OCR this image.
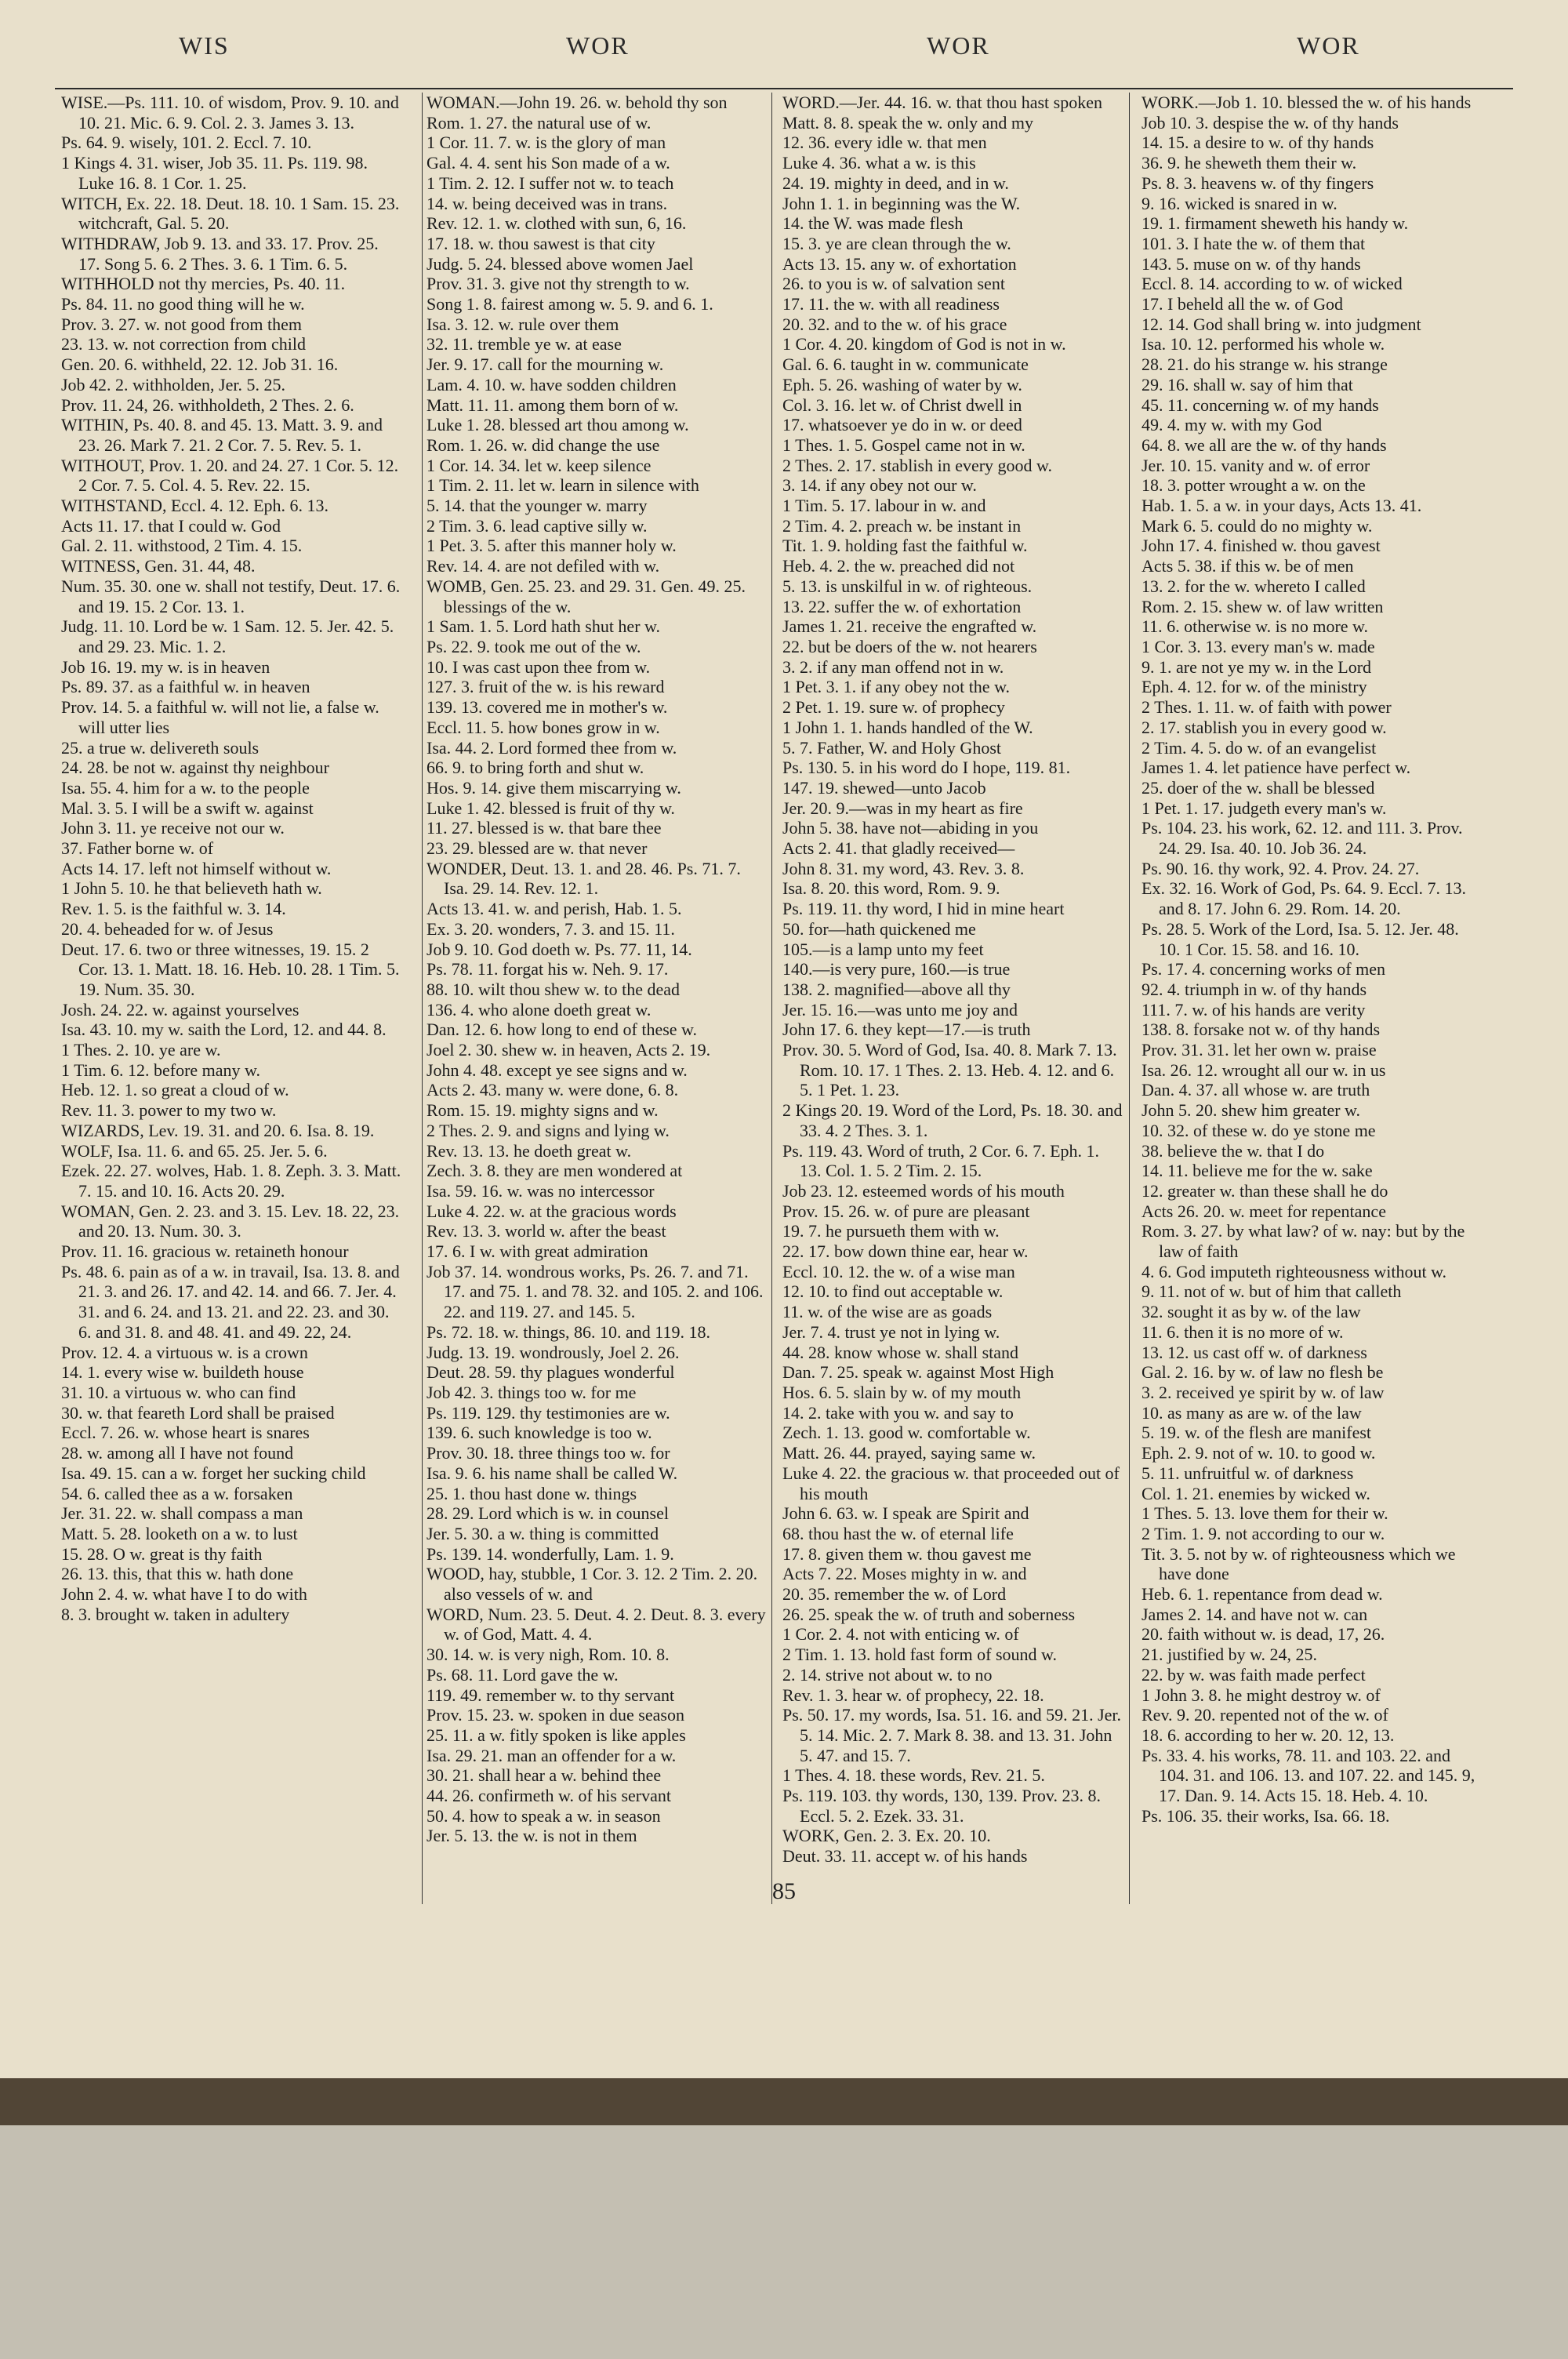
WIS	WOR	WOR	WOR

WISE.—Ps. 111. 10. of wisdom, Prov. 9. 10. and 10. 21. Mic. 6. 9. Col. 2. 3. James 3. 13.

Ps. 64. 9. wisely, 101. 2. Eccl. 7. 10.

1 Kings 4. 31. wiser, Job 35. 11. Ps. 119. 98. Luke 16. 8. 1 Cor. 1. 25.

WITCH, Ex. 22. 18. Deut. 18. 10. 1 Sam. 15. 23. witchcraft, Gal. 5. 20.

WITHDRAW, Job 9. 13. and 33. 17. Prov. 25. 17. Song 5. 6. 2 Thes. 3. 6. 1 Tim. 6. 5.

WITHHOLD not thy mercies, Ps. 40. 11.

Ps. 84. 11. no good thing will he w.

Prov. 3. 27. w. not good from them

23. 13. w. not correction from child

Gen. 20. 6. withheld, 22. 12. Job 31. 16.

Job 42. 2. withholden, Jer. 5. 25.

Prov. 11. 24, 26. withholdeth, 2 Thes. 2. 6.

WITHIN, Ps. 40. 8. and 45. 13. Matt. 3. 9. and 23. 26. Mark 7. 21. 2 Cor. 7. 5. Rev. 5. 1.

WITHOUT, Prov. 1. 20. and 24. 27. 1 Cor. 5. 12. 2 Cor. 7. 5. Col. 4. 5. Rev. 22. 15.

WITHSTAND, Eccl. 4. 12. Eph. 6. 13.

Acts 11. 17. that I could w. God

Gal. 2. 11. withstood, 2 Tim. 4. 15.

WITNESS, Gen. 31. 44, 48.

Num. 35. 30. one w. shall not testify, Deut. 17. 6. and 19. 15. 2 Cor. 13. 1.

Judg. 11. 10. Lord be w. 1 Sam. 12. 5. Jer. 42. 5. and 29. 23. Mic. 1. 2.

Job 16. 19. my w. is in heaven

Ps. 89. 37. as a faithful w. in heaven

Prov. 14. 5. a faithful w. will not lie, a false w. will utter lies

25. a true w. delivereth souls

24. 28. be not w. against thy neighbour

Isa. 55. 4. him for a w. to the people

Mal. 3. 5. I will be a swift w. against

John 3. 11. ye receive not our w.

37. Father borne w. of

Acts 14. 17. left not himself without w.

1 John 5. 10. he that believeth hath w.

Rev. 1. 5. is the faithful w. 3. 14.

20. 4. beheaded for w. of Jesus

Deut. 17. 6. two or three witnesses, 19. 15. 2 Cor. 13. 1. Matt. 18. 16. Heb. 10. 28. 1 Tim. 5. 19. Num. 35. 30.

Josh. 24. 22. w. against yourselves

Isa. 43. 10. my w. saith the Lord, 12. and 44. 8.

1 Thes. 2. 10. ye are w.

1 Tim. 6. 12. before many w.

Heb. 12. 1. so great a cloud of w.

Rev. 11. 3. power to my two w.

WIZARDS, Lev. 19. 31. and 20. 6. Isa. 8. 19.

WOLF, Isa. 11. 6. and 65. 25. Jer. 5. 6.

Ezek. 22. 27. wolves, Hab. 1. 8. Zeph. 3. 3. Matt. 7. 15. and 10. 16. Acts 20. 29.

WOMAN, Gen. 2. 23. and 3. 15. Lev. 18. 22, 23. and 20. 13. Num. 30. 3.

Prov. 11. 16. gracious w. retaineth honour

Ps. 48. 6. pain as of a w. in travail, Isa. 13. 8. and 21. 3. and 26. 17. and 42. 14. and 66. 7. Jer. 4. 31. and 6. 24. and 13. 21. and 22. 23. and 30. 6. and 31. 8. and 48. 41. and 49. 22, 24.

Prov. 12. 4. a virtuous w. is a crown

14. 1. every wise w. buildeth house

31. 10. a virtuous w. who can find

30. w. that feareth Lord shall be praised

Eccl. 7. 26. w. whose heart is snares

28. w. among all I have not found

Isa. 49. 15. can a w. forget her sucking child

54. 6. called thee as a w. forsaken

Jer. 31. 22. w. shall compass a man

Matt. 5. 28. looketh on a w. to lust

15. 28. O w. great is thy faith

26. 13. this, that this w. hath done

John 2. 4. w. what have I to do with

8. 3. brought w. taken in adultery

WOMAN.—John 19. 26. w. behold thy son

Rom. 1. 27. the natural use of w.

1 Cor. 11. 7. w. is the glory of man

Gal. 4. 4. sent his Son made of a w.

1 Tim. 2. 12. I suffer not w. to teach

14. w. being deceived was in trans.

Rev. 12. 1. w. clothed with sun, 6, 16.

17. 18. w. thou sawest is that city

Judg. 5. 24. blessed above women Jael

Prov. 31. 3. give not thy strength to w.

Song 1. 8. fairest among w. 5. 9. and 6. 1.

Isa. 3. 12. w. rule over them

32. 11. tremble ye w. at ease

Jer. 9. 17. call for the mourning w.

Lam. 4. 10. w. have sodden children

Matt. 11. 11. among them born of w.

Luke 1. 28. blessed art thou among w.

Rom. 1. 26. w. did change the use

1 Cor. 14. 34. let w. keep silence

1 Tim. 2. 11. let w. learn in silence with

5. 14. that the younger w. marry

2 Tim. 3. 6. lead captive silly w.

1 Pet. 3. 5. after this manner holy w.

Rev. 14. 4. are not defiled with w.

WOMB, Gen. 25. 23. and 29. 31. Gen. 49. 25. blessings of the w.

1 Sam. 1. 5. Lord hath shut her w.

Ps. 22. 9. took me out of the w.

10. I was cast upon thee from w.

127. 3. fruit of the w. is his reward

139. 13. covered me in mother's w.

Eccl. 11. 5. how bones grow in w.

Isa. 44. 2. Lord formed thee from w.

66. 9. to bring forth and shut w.

Hos. 9. 14. give them miscarrying w.

Luke 1. 42. blessed is fruit of thy w.

11. 27. blessed is w. that bare thee

23. 29. blessed are w. that never

WONDER, Deut. 13. 1. and 28. 46. Ps. 71. 7. Isa. 29. 14. Rev. 12. 1.

Acts 13. 41. w. and perish, Hab. 1. 5.

Ex. 3. 20. wonders, 7. 3. and 15. 11.

Job 9. 10. God doeth w. Ps. 77. 11, 14.

Ps. 78. 11. forgat his w. Neh. 9. 17.

88. 10. wilt thou shew w. to the dead

136. 4. who alone doeth great w.

Dan. 12. 6. how long to end of these w.

Joel 2. 30. shew w. in heaven, Acts 2. 19.

John 4. 48. except ye see signs and w.

Acts 2. 43. many w. were done, 6. 8.

Rom. 15. 19. mighty signs and w.

2 Thes. 2. 9. and signs and lying w.

Rev. 13. 13. he doeth great w.

Zech. 3. 8. they are men wondered at

Isa. 59. 16. w. was no intercessor

Luke 4. 22. w. at the gracious words

Rev. 13. 3. world w. after the beast

17. 6. I w. with great admiration

Job 37. 14. wondrous works, Ps. 26. 7. and 71. 17. and 75. 1. and 78. 32. and 105. 2. and 106. 22. and 119. 27. and 145. 5.

Ps. 72. 18. w. things, 86. 10. and 119. 18.

Judg. 13. 19. wondrously, Joel 2. 26.

Deut. 28. 59. thy plagues wonderful

Job 42. 3. things too w. for me

Ps. 119. 129. thy testimonies are w.

139. 6. such knowledge is too w.

Prov. 30. 18. three things too w. for

Isa. 9. 6. his name shall be called W.

25. 1. thou hast done w. things

28. 29. Lord which is w. in counsel

Jer. 5. 30. a w. thing is committed

Ps. 139. 14. wonderfully, Lam. 1. 9.

WOOD, hay, stubble, 1 Cor. 3. 12. 2 Tim. 2. 20. also vessels of w. and

WORD, Num. 23. 5. Deut. 4. 2. Deut. 8. 3. every w. of God, Matt. 4. 4.

30. 14. w. is very nigh, Rom. 10. 8.

Ps. 68. 11. Lord gave the w.

119. 49. remember w. to thy servant

Prov. 15. 23. w. spoken in due season

25. 11. a w. fitly spoken is like apples

Isa. 29. 21. man an offender for a w.

30. 21. shall hear a w. behind thee

44. 26. confirmeth w. of his servant

50. 4. how to speak a w. in season

Jer. 5. 13. the w. is not in them

WORD.—Jer. 44. 16. w. that thou hast spoken

Matt. 8. 8. speak the w. only and my

12. 36. every idle w. that men

Luke 4. 36. what a w. is this

24. 19. mighty in deed, and in w.

John 1. 1. in beginning was the W.

14. the W. was made flesh

15. 3. ye are clean through the w.

Acts 13. 15. any w. of exhortation

26. to you is w. of salvation sent

17. 11. the w. with all readiness

20. 32. and to the w. of his grace

1 Cor. 4. 20. kingdom of God is not in w.

Gal. 6. 6. taught in w. communicate

Eph. 5. 26. washing of water by w.

Col. 3. 16. let w. of Christ dwell in

17. whatsoever ye do in w. or deed

1 Thes. 1. 5. Gospel came not in w.

2 Thes. 2. 17. stablish in every good w.

3. 14. if any obey not our w.

1 Tim. 5. 17. labour in w. and

2 Tim. 4. 2. preach w. be instant in

Tit. 1. 9. holding fast the faithful w.

Heb. 4. 2. the w. preached did not

5. 13. is unskilful in w. of righteous.

13. 22. suffer the w. of exhortation

James 1. 21. receive the engrafted w.

22. but be doers of the w. not hearers

3. 2. if any man offend not in w.

1 Pet. 3. 1. if any obey not the w.

2 Pet. 1. 19. sure w. of prophecy

1 John 1. 1. hands handled of the W.

5. 7. Father, W. and Holy Ghost

Ps. 130. 5. in his word do I hope, 119. 81.

147. 19. shewed—unto Jacob

Jer. 20. 9.—was in my heart as fire

John 5. 38. have not—abiding in you

Acts 2. 41. that gladly received—

John 8. 31. my word, 43. Rev. 3. 8.

Isa. 8. 20. this word, Rom. 9. 9.

Ps. 119. 11. thy word, I hid in mine heart

50. for—hath quickened me

105.—is a lamp unto my feet

140.—is very pure, 160.—is true

138. 2. magnified—above all thy

Jer. 15. 16.—was unto me joy and

John 17. 6. they kept—17.—is truth

Prov. 30. 5. Word of God, Isa. 40. 8. Mark 7. 13. Rom. 10. 17. 1 Thes. 2. 13. Heb. 4. 12. and 6. 5. 1 Pet. 1. 23.

2 Kings 20. 19. Word of the Lord, Ps. 18. 30. and 33. 4. 2 Thes. 3. 1.

Ps. 119. 43. Word of truth, 2 Cor. 6. 7. Eph. 1. 13. Col. 1. 5. 2 Tim. 2. 15.

Job 23. 12. esteemed words of his mouth

Prov. 15. 26. w. of pure are pleasant

19. 7. he pursueth them with w.

22. 17. bow down thine ear, hear w.

Eccl. 10. 12. the w. of a wise man

12. 10. to find out acceptable w.

11. w. of the wise are as goads

Jer. 7. 4. trust ye not in lying w.

44. 28. know whose w. shall stand

Dan. 7. 25. speak w. against Most High

Hos. 6. 5. slain by w. of my mouth

14. 2. take with you w. and say to

Zech. 1. 13. good w. comfortable w.

Matt. 26. 44. prayed, saying same w.

Luke 4. 22. the gracious w. that proceeded out of his mouth

John 6. 63. w. I speak are Spirit and

68. thou hast the w. of eternal life

17. 8. given them w. thou gavest me

Acts 7. 22. Moses mighty in w. and

20. 35. remember the w. of Lord

26. 25. speak the w. of truth and soberness

1 Cor. 2. 4. not with enticing w. of

2 Tim. 1. 13. hold fast form of sound w.

2. 14. strive not about w. to no

Rev. 1. 3. hear w. of prophecy, 22. 18.

Ps. 50. 17. my words, Isa. 51. 16. and 59. 21. Jer. 5. 14. Mic. 2. 7. Mark 8. 38. and 13. 31. John 5. 47. and 15. 7.

1 Thes. 4. 18. these words, Rev. 21. 5.

Ps. 119. 103. thy words, 130, 139. Prov. 23. 8. Eccl. 5. 2. Ezek. 33. 31.

WORK, Gen. 2. 3. Ex. 20. 10.

Deut. 33. 11. accept w. of his hands

WORK.—Job 1. 10. blessed the w. of his hands

Job 10. 3. despise the w. of thy hands

14. 15. a desire to w. of thy hands

36. 9. he sheweth them their w.

Ps. 8. 3. heavens w. of thy fingers

9. 16. wicked is snared in w.

19. 1. firmament sheweth his handy w.

101. 3. I hate the w. of them that

143. 5. muse on w. of thy hands

Eccl. 8. 14. according to w. of wicked

17. I beheld all the w. of God

12. 14. God shall bring w. into judgment

Isa. 10. 12. performed his whole w.

28. 21. do his strange w. his strange

29. 16. shall w. say of him that

45. 11. concerning w. of my hands

49. 4. my w. with my God

64. 8. we all are the w. of thy hands

Jer. 10. 15. vanity and w. of error

18. 3. potter wrought a w. on the

Hab. 1. 5. a w. in your days, Acts 13. 41.

Mark 6. 5. could do no mighty w.

John 17. 4. finished w. thou gavest

Acts 5. 38. if this w. be of men

13. 2. for the w. whereto I called

Rom. 2. 15. shew w. of law written

11. 6. otherwise w. is no more w.

1 Cor. 3. 13. every man's w. made

9. 1. are not ye my w. in the Lord

Eph. 4. 12. for w. of the ministry

2 Thes. 1. 11. w. of faith with power

2. 17. stablish you in every good w.

2 Tim. 4. 5. do w. of an evangelist

James 1. 4. let patience have perfect w.

25. doer of the w. shall be blessed

1 Pet. 1. 17. judgeth every man's w.

Ps. 104. 23. his work, 62. 12. and 111. 3. Prov. 24. 29. Isa. 40. 10. Job 36. 24.

Ps. 90. 16. thy work, 92. 4. Prov. 24. 27.

Ex. 32. 16. Work of God, Ps. 64. 9. Eccl. 7. 13. and 8. 17. John 6. 29. Rom. 14. 20.

Ps. 28. 5. Work of the Lord, Isa. 5. 12. Jer. 48. 10. 1 Cor. 15. 58. and 16. 10.

Ps. 17. 4. concerning works of men

92. 4. triumph in w. of thy hands

111. 7. w. of his hands are verity

138. 8. forsake not w. of thy hands

Prov. 31. 31. let her own w. praise

Isa. 26. 12. wrought all our w. in us

Dan. 4. 37. all whose w. are truth

John 5. 20. shew him greater w.

10. 32. of these w. do ye stone me

38. believe the w. that I do

14. 11. believe me for the w. sake

12. greater w. than these shall he do

Acts 26. 20. w. meet for repentance

Rom. 3. 27. by what law? of w. nay: but by the law of faith

4. 6. God imputeth righteousness without w.

9. 11. not of w. but of him that calleth

32. sought it as by w. of the law

11. 6. then it is no more of w.

13. 12. us cast off w. of darkness

Gal. 2. 16. by w. of law no flesh be

3. 2. received ye spirit by w. of law

10. as many as are w. of the law

5. 19. w. of the flesh are manifest

Eph. 2. 9. not of w. 10. to good w.

5. 11. unfruitful w. of darkness

Col. 1. 21. enemies by wicked w.

1 Thes. 5. 13. love them for their w.

2 Tim. 1. 9. not according to our w.

Tit. 3. 5. not by w. of righteousness which we have done

Heb. 6. 1. repentance from dead w.

James 2. 14. and have not w. can

20. faith without w. is dead, 17, 26.

21. justified by w. 24, 25.

22. by w. was faith made perfect

1 John 3. 8. he might destroy w. of

Rev. 9. 20. repented not of the w. of

18. 6. according to her w. 20. 12, 13.

Ps. 33. 4. his works, 78. 11. and 103. 22. and 104. 31. and 106. 13. and 107. 22. and 145. 9, 17. Dan. 9. 14. Acts 15. 18. Heb. 4. 10.

Ps. 106. 35. their works, Isa. 66. 18.

85
